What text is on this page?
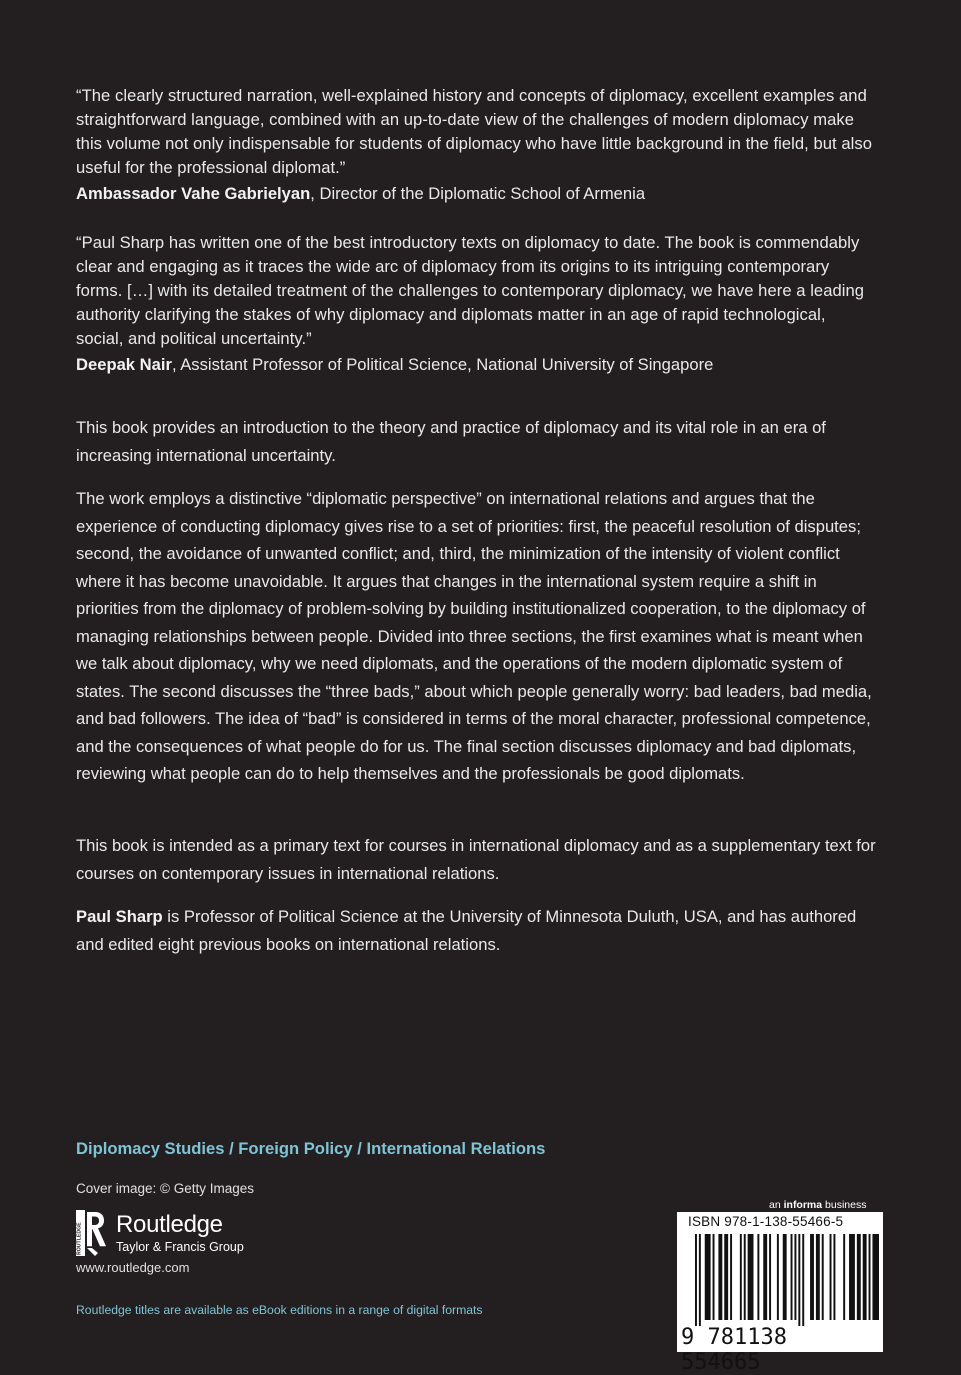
“The clearly structured narration, well-explained history and concepts of diplomacy, excellent examples and straightforward language, combined with an up-to-date view of the challenges of modern diplomacy make this volume not only indispensable for students of diplomacy who have little background in the field, but also useful for the professional diplomat.”

Ambassador Vahe Gabrielyan, Director of the Diplomatic School of Armenia

“Paul Sharp has written one of the best introductory texts on diplomacy to date. The book is commendably clear and engaging as it traces the wide arc of diplomacy from its origins to its intriguing contemporary forms. […] with its detailed treatment of the challenges to contemporary diplomacy, we have here a leading authority clarifying the stakes of why diplomacy and diplomats matter in an age of rapid technological, social, and political uncertainty.”

Deepak Nair, Assistant Professor of Political Science, National University of Singapore

This book provides an introduction to the theory and practice of diplomacy and its vital role in an era of increasing international uncertainty.

The work employs a distinctive “diplomatic perspective” on international relations and argues that the experience of conducting diplomacy gives rise to a set of priorities: first, the peaceful resolution of disputes; second, the avoidance of unwanted conflict; and, third, the minimization of the intensity of violent conflict where it has become unavoidable. It argues that changes in the international system require a shift in priorities from the diplomacy of problem-solving by building institutionalized cooperation, to the diplomacy of managing relationships between people. Divided into three sections, the first examines what is meant when we talk about diplomacy, why we need diplomats, and the operations of the modern diplomatic system of states. The second discusses the “three bads,” about which people generally worry: bad leaders, bad media, and bad followers. The idea of “bad” is considered in terms of the moral character, professional competence, and the consequences of what people do for us. The final section discusses diplomacy and bad diplomats, reviewing what people can do to help themselves and the professionals be good diplomats.

This book is intended as a primary text for courses in international diplomacy and as a supplementary text for courses on contemporary issues in international relations.

Paul Sharp is Professor of Political Science at the University of Minnesota Duluth, USA, and has authored and edited eight previous books on international relations.

Diplomacy Studies / Foreign Policy / International Relations
Cover image: © Getty Images
ROUTLEDGE Routledge
Taylor & Francis Group
www.routledge.com
Routledge titles are available as eBook editions in a range of digital formats
an informa business
ISBN 978-1-138-55466-5
9 781138 554665
